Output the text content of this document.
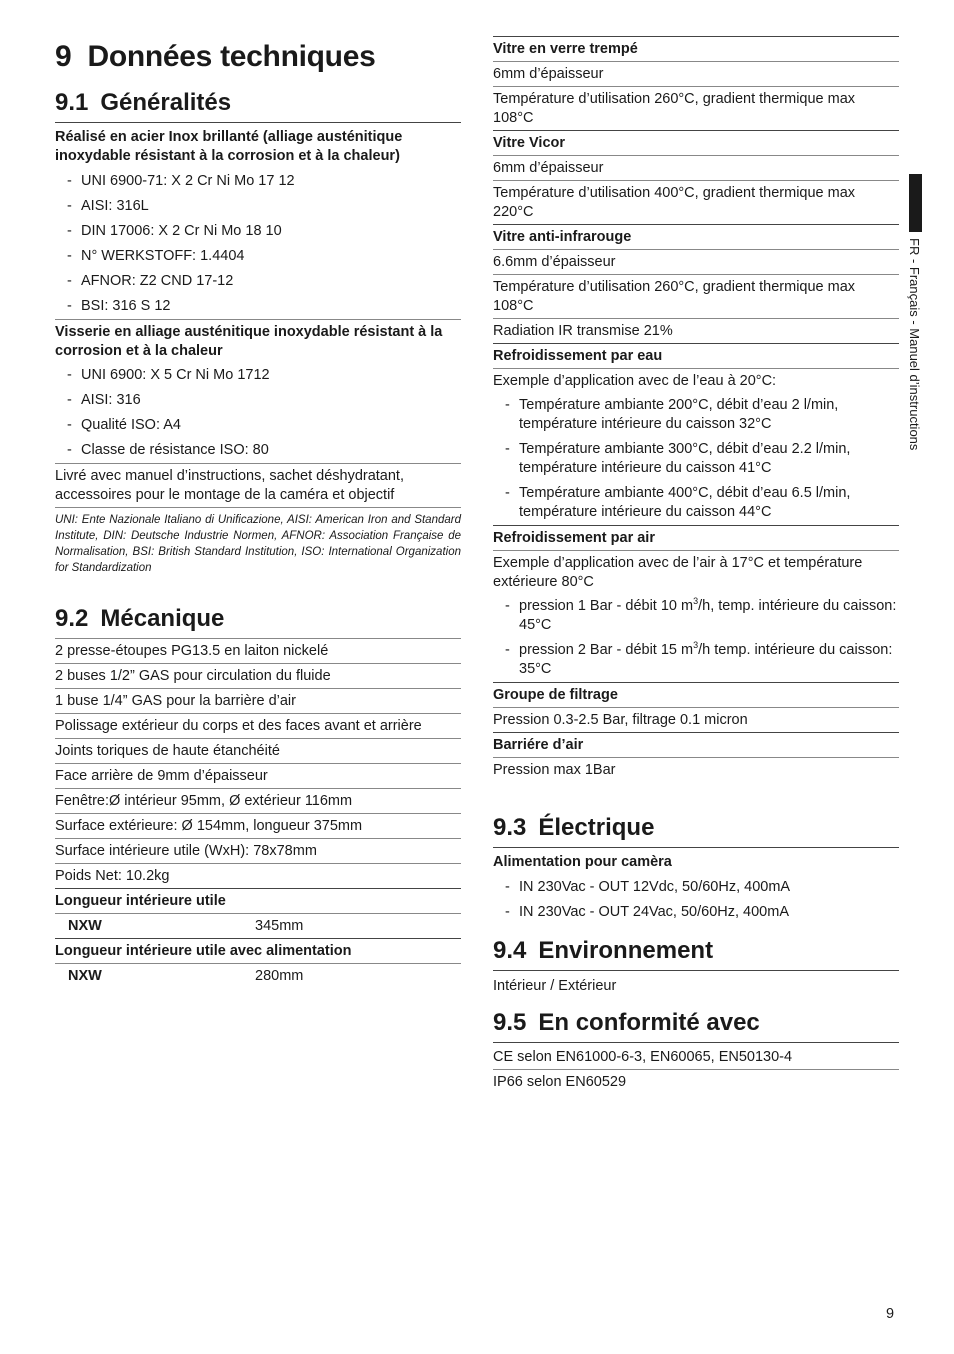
9 Données techniques
9.1 Généralités
Réalisé en acier Inox brillanté (alliage austénitique inoxydable résistant à la corrosion et à la chaleur)
- UNI 6900-71: X 2 Cr Ni Mo 17 12
- AISI: 316L
- DIN 17006: X 2 Cr Ni Mo 18 10
- N° WERKSTOFF: 1.4404
- AFNOR: Z2 CND 17-12
- BSI: 316 S 12
Visserie en alliage austénitique inoxydable résistant à la corrosion et à la chaleur
- UNI 6900: X 5 Cr Ni Mo 1712
- AISI: 316
- Qualité ISO: A4
- Classe de résistance ISO: 80
Livré avec manuel d’instructions, sachet déshydratant, accessoires pour le montage de la caméra et objectif
UNI: Ente Nazionale Italiano di Unificazione, AISI: American Iron and Standard Institute, DIN: Deutsche Industrie Normen, AFNOR: Association Française de Normalisation, BSI: British Standard Institution, ISO: International Organization for Standardization
9.2 Mécanique
2 presse-étoupes PG13.5 en laiton nickelé
2 buses 1/2” GAS pour circulation du fluide
1 buse 1/4” GAS pour la barrière d’air
Polissage extérieur du corps et des faces avant et arrière
Joints toriques de haute étanchéité
Face arrière de 9mm d’épaisseur
Fenêtre:Ø intérieur 95mm, Ø extérieur 116mm
Surface extérieure: Ø 154mm, longueur 375mm
Surface intérieure utile (WxH): 78x78mm
Poids Net: 10.2kg
Longueur intérieure utile
NXW	345mm
Longueur intérieure utile avec alimentation
NXW	280mm
Vitre en verre trempé
6mm d’épaisseur
Température d’utilisation 260°C, gradient thermique max 108°C
Vitre Vicor
6mm d’épaisseur
Température d’utilisation 400°C, gradient thermique max 220°C
Vitre anti-infrarouge
6.6mm d’épaisseur
Température d’utilisation 260°C, gradient thermique max 108°C
Radiation IR transmise 21%
Refroidissement par eau
Exemple d’application avec de l’eau à 20°C:
- Température ambiante 200°C, débit d’eau 2 l/min, température intérieure du caisson 32°C
- Température ambiante 300°C, débit d’eau 2.2 l/min, température intérieure du caisson 41°C
- Température ambiante 400°C, débit d’eau 6.5 l/min, température intérieure du caisson 44°C
Refroidissement par air
Exemple d’application avec de l’air à 17°C et température extérieure 80°C
- pression 1 Bar - débit 10 $m^3/h$, temp. intérieure du caisson: 45°C
- pression 2 Bar - débit 15 $m^3/h$ temp. intérieure du caisson: 35°C
Groupe de filtrage
Pression 0.3-2.5 Bar, filtrage 0.1 micron
Barriére d’air
Pression max 1Bar
9.3 Électrique
Alimentation pour camèra
- IN 230Vac - OUT 12Vdc, 50/60Hz, 400mA
- IN 230Vac - OUT 24Vac, 50/60Hz, 400mA
9.4 Environnement
Intérieur / Extérieur
9.5 En conformité avec
CE selon EN61000-6-3, EN60065, EN50130-4
IP66 selon EN60529
FR - Français - Manuel d’instructions
9
